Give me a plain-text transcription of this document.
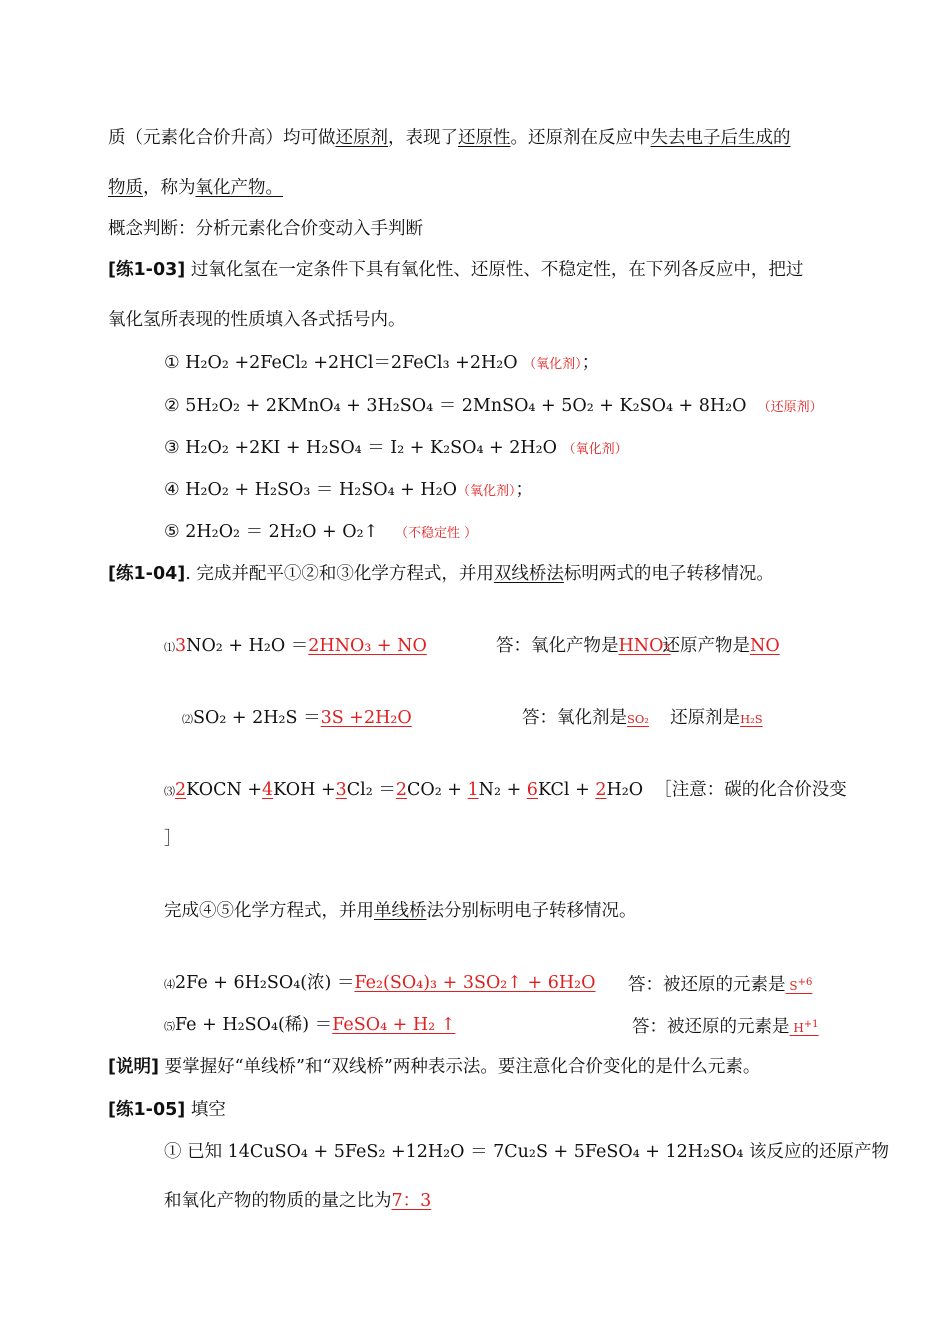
质（元素化合价升高）均可做还原剂，表现了还原性。还原剂在反应中失去电子后生成的
物质，称为氧化产物。
概念判断：分析元素化合价变动入手判断
[练1-03] 过氧化氢在一定条件下具有氧化性、还原性、不稳定性，在下列各反应中，把过
氧化氢所表现的性质填入各式括号内。
① H₂O₂ +2FeCl₂ +2HCl＝2FeCl₃ +2H₂O （氧化剂）；
② 5H₂O₂ + 2KMnO₄ + 3H₂SO₄ ＝ 2MnSO₄ + 5O₂ + K₂SO₄ + 8H₂O （还原剂）
③ H₂O₂ +2KI + H₂SO₄ ＝ I₂ + K₂SO₄ + 2H₂O （氧化剂）
④ H₂O₂ + H₂SO₃ ＝ H₂SO₄ + H₂O（氧化剂）；
⑤ 2H₂O₂ ＝ 2H₂O + O₂↑ （不稳定性 ）
[练1-04]. 完成并配平①②和③化学方程式，并用双线桥法标明两式的电子转移情况。
⑴3NO₂ + H₂O ＝2HNO₃ + NO	答：氧化产物是HNO₃还原产物是NO
⑵SO₂ + 2H₂S ＝3S +2H₂O	答：氧化剂是SO₂ 还原剂是H₂S
⑶2KOCN +4KOH +3Cl₂ ＝2CO₂ + 1N₂ + 6KCl + 2H₂O ［注意：碳的化合价没变
］
完成④⑤化学方程式，并用单线桥法分别标明电子转移情况。
⑷2Fe + 6H₂SO₄(浓) ＝Fe₂(SO₄)₃ + 3SO₂↑ + 6H₂O	答：被还原的元素是 $S^{+6}$
⑸Fe + H₂SO₄(稀) ＝FeSO₄ + H₂ ↑	答：被还原的元素是 $H^{+1}$
[说明] 要掌握好“单线桥”和“双线桥”两种表示法。要注意化合价变化的是什么元素。
[练1-05] 填空
① 已知 14CuSO₄ + 5FeS₂ +12H₂O ＝ 7Cu₂S + 5FeSO₄ + 12H₂SO₄ 该反应的还原产物
和氧化产物的物质的量之比为7：3
